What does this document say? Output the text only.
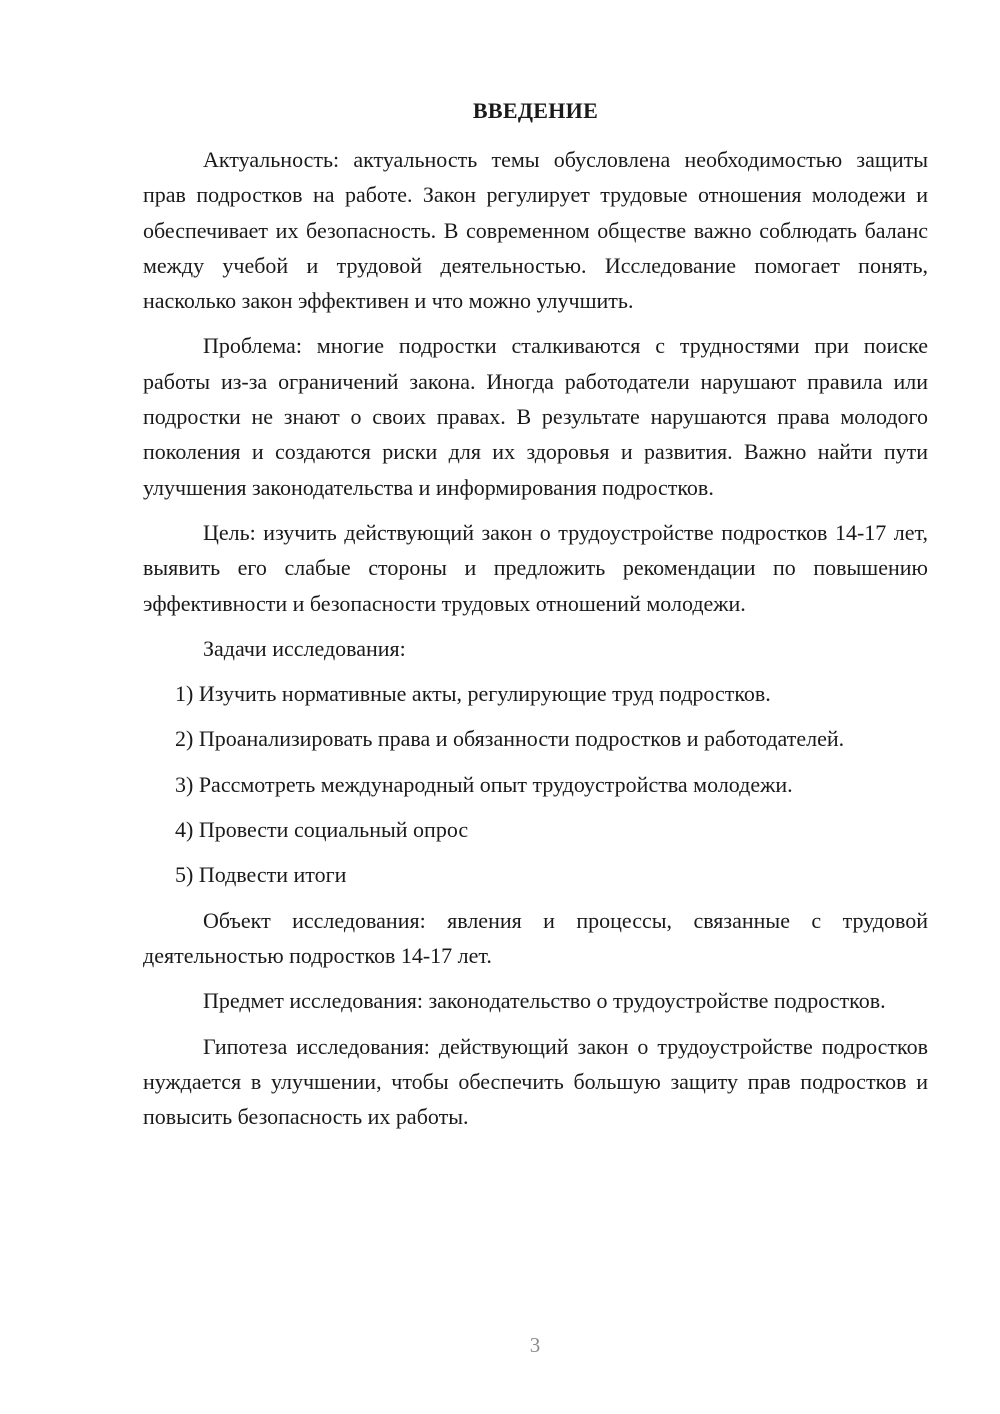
ВВЕДЕНИЕ

Актуальность: актуальность темы обусловлена необходимостью защиты прав подростков на работе. Закон регулирует трудовые отношения молодежи и обеспечивает их безопасность. В современном обществе важно соблюдать баланс между учебой и трудовой деятельностью. Исследование помогает понять, насколько закон эффективен и что можно улучшить.

Проблема: многие подростки сталкиваются с трудностями при поиске работы из-за ограничений закона. Иногда работодатели нарушают правила или подростки не знают о своих правах. В результате нарушаются права молодого поколения и создаются риски для их здоровья и развития. Важно найти пути улучшения законодательства и информирования подростков.

Цель: изучить действующий закон о трудоустройстве подростков 14-17 лет, выявить его слабые стороны и предложить рекомендации по повышению эффективности и безопасности трудовых отношений молодежи.

Задачи исследования:

1) Изучить нормативные акты, регулирующие труд подростков.

2) Проанализировать права и обязанности подростков и работодателей.

3) Рассмотреть международный опыт трудоустройства молодежи.

4) Провести социальный опрос

5) Подвести итоги

Объект исследования: явления и процессы, связанные с трудовой деятельностью подростков 14-17 лет.

Предмет исследования: законодательство о трудоустройстве подростков.

Гипотеза исследования: действующий закон о трудоустройстве подростков нуждается в улучшении, чтобы обеспечить большую защиту прав подростков и повысить безопасность их работы.

3
